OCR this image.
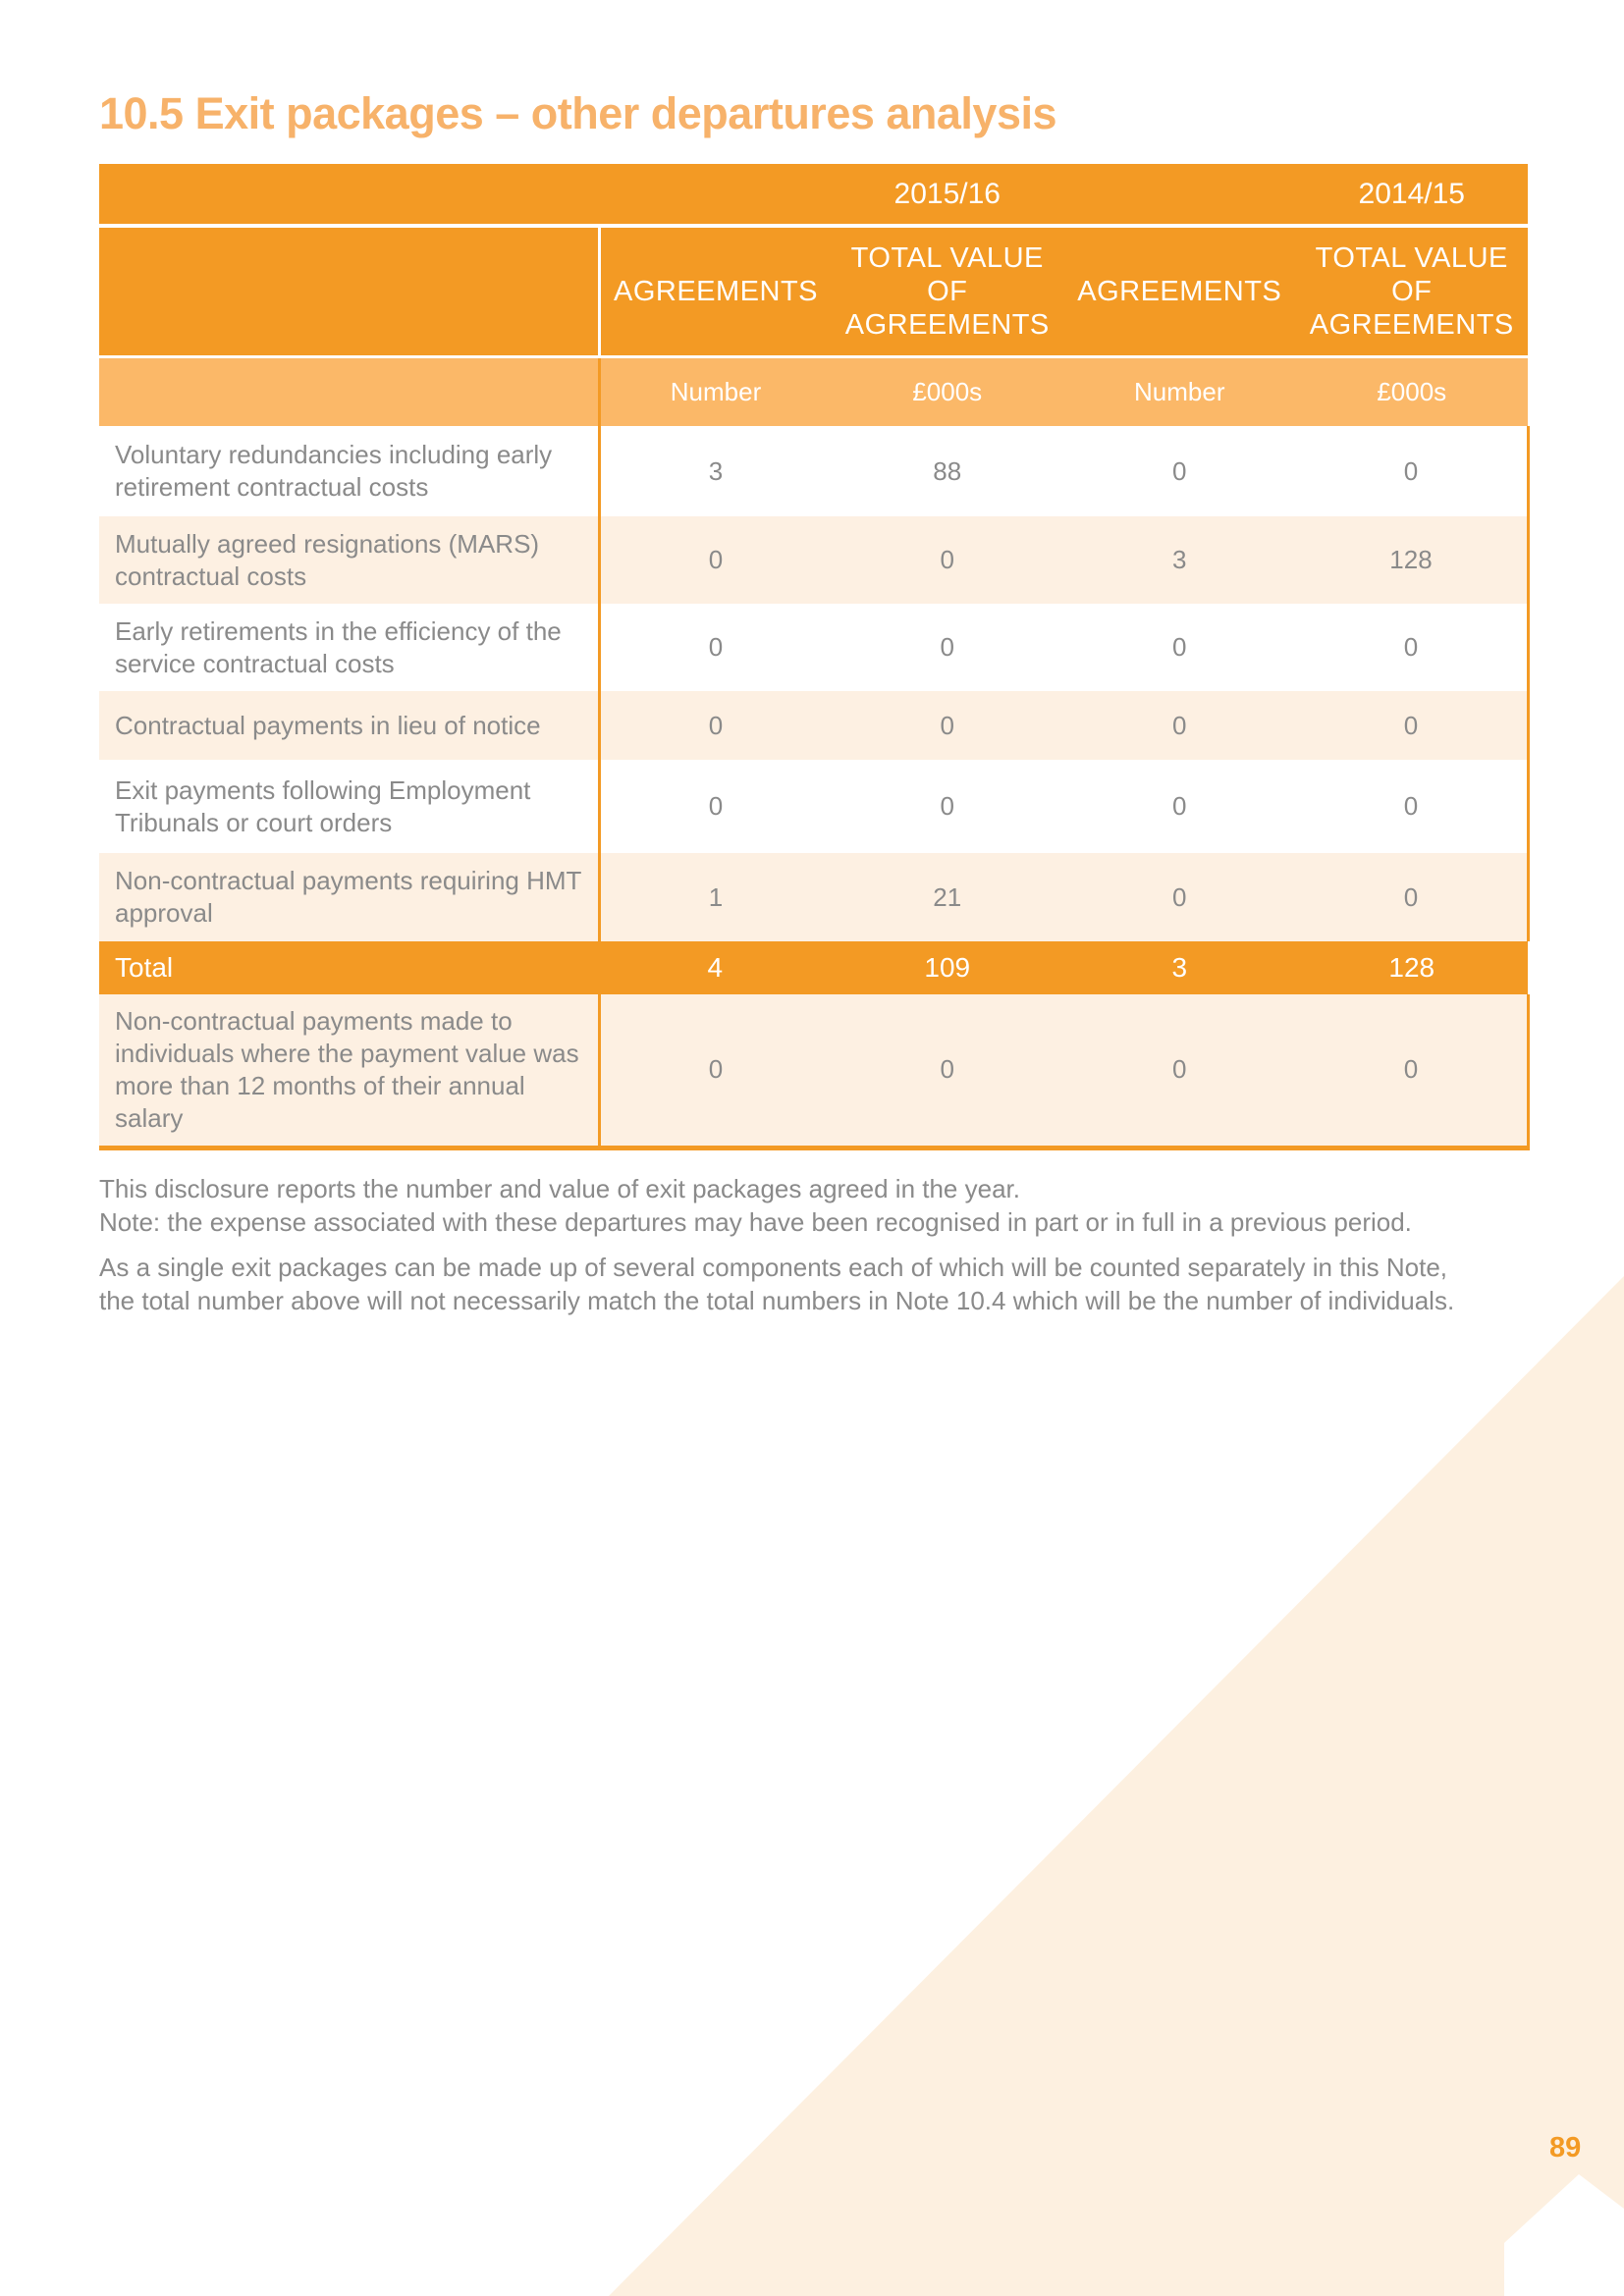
10.5 Exit packages – other departures analysis
		2015/16		2014/15
	AGREEMENTS	TOTAL VALUE OF AGREEMENTS	AGREEMENTS	TOTAL VALUE OF AGREEMENTS
	Number	£000s	Number	£000s
Voluntary redundancies including early retirement contractual costs	3	88	0	0
Mutually agreed resignations (MARS) contractual costs	0	0	3	128
Early retirements in the efficiency of the service contractual costs	0	0	0	0
Contractual payments in lieu of notice	0	0	0	0
Exit payments following Employment Tribunals or court orders	0	0	0	0
Non-contractual payments requiring HMT approval	1	21	0	0
Total	4	109	3	128
Non-contractual payments made to individuals where the payment value was more than 12 months of their annual salary	0	0	0	0

This disclosure reports the number and value of exit packages agreed in the year.

Note: the expense associated with these departures may have been recognised in part or in full in a previous period.

As a single exit packages can be made up of several components each of which will be counted separately in this Note,

the total number above will not necessarily match the total numbers in Note 10.4 which will be the number of individuals.

89
